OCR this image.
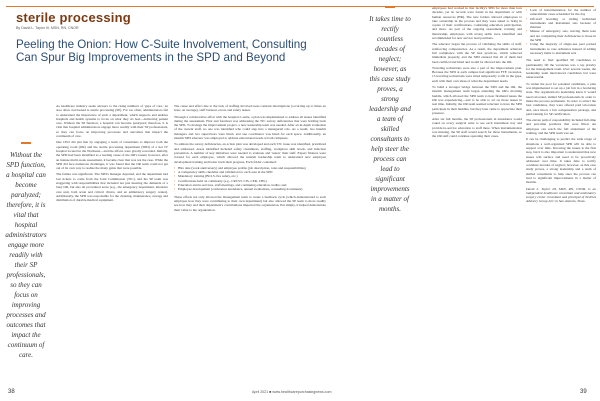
sterile processing
By David L. Taylor III, MSN, RN, CNOR
Peeling the Onion: How C-Suite Involvement, Consulting Can Spur Big Improvements in the SPD and Beyond
Without the SPD function, a hospital can become paralyzed; therefore, it is vital that hospital administrators engage more readily with their SP professionals, so they can focus on improving processes and outcomes that impact the continuum of care.
It takes time to rectify countless decades of neglect; however, as this case study proves, a strong leadership and a team of skilled consultants to help steer the process can lead to significant improvements in a matter of months.

As healthcare industry seeks answers to the rising numbers of 'gaps of care,' an area often overlooked is sterile processing (SP). Far too often, administrators fail to understand the importance of such a department, which supports and enables hospitals and health systems to focus on what they do best—delivering patient care. Without the SP function, a hospital can become paralyzed; therefore, it is vital that hospital administrators engage more readily with their SP professionals, so they can focus on improving processes and outcomes that impact the continuum of care.

One CEO did just that by engaging a team of consultants to improve both the operating room (OR) and the sterile processing department (SPD) of a tier IV hospital located in the Northeast—and the efforts were greatly rewarded. Initially, the SPD had been identified as a leading cause of the OR's issues; however, after an intense multi-week assessment, it became clear that was not the case. While the SPD did face numerous challenges, it was found that the OR team could not get out of its own way to realize the many gains that were possible.

The failure was significant. The SPD's manager departed, and the department had lost tickets to come from the Joint Commission (TJC), and the SP team was staggering with responsibilities that included not just meeting the demands of a busy OR, but also all procedural areas (e.g., the emergency department, intensive care unit, both acute and critical clinics, and an ambulatory surgery center). Additionally, the SPD was responsible for the cleaning, maintenance, storage and distribution of durable medical equipment.

The cause and effect due to the lack of staffing involved near-constant interruptions (occurring up to times an hour, on average), staff burnout, errors and safety issues.

Through a collaborative effort with the hospital C-suite, a plan was implemented to address all issues identified during the assessment. First and foremost was addressing the TJC survey deficiencies that were holding back the SPD. To manage the improvement project, a new leadership team was needed. After an in-depth evaluation of the current staff, no one was identified who could step into a managerial role. As a result, two interim managers and two supervisors were hired, and one coordinator was hired for each space. Additionally, an interim SPD educator was employed to address educational needs at both campuses.

To address the survey deficiencies, an action plan was developed and each TJC issue was identified, prioritized and addressed. Areas identified included safety cleanliness, staffing, workplace skill levels, and infection prevention. A number of key initiatives were needed to evaluate and 'renew' their staff. Expert fixtures were created for each employee, which allowed the interim leadership team to understand new employee development training and better track their progress. Each folder contained:

• Hire date (work anniversary) and employee profile (job description, roles and responsibilities)
• A competency skills checklist and validation for each area in the SPD
• Mandatory training (BCLS, fire safety, etc.)
• Certifications held on commonly (e.g., CRCST, CIS, CER, CHL)
• Education and in-services, staff meetings, and continuing education credits; and
• Employee development (conference attendance, annual evaluations, counseling documents)

These efforts not only allowed the management team to create a feedback cycle (which demonstrated to each employee how they were contributing to their own department) but also allowed the SP team to more readily see how they and their department's contributions impacted the organization. Put simply, it helped demonstrate their value to the organization.

employees had worked in that facility's SPD for more than four decades, yet no records were found in the department or with human resources (HR). The new folders allowed employees to take ownership in the process and they were asked to bring in copies of their certifications, continuing education participation, and more. As part of the ongoing assessment, training and mentorship, employees with strong skills were identified and recommended for new service lead positions.

The educator began the process of validating the skills of staff, reinforcing competencies. As a result, the department achieved full compliance with the SP best practices, which removed immediate jeopardy, and the SPD ensured that all of them had been certified and hired and would be allowed into the OR.

Traveling technicians were also a part of the improvement plan. Because the SPD at each campus had significant FTE vacancies, 15 traveling technicians were hired temporarily to fill in the gaps, each with their own ideas of what the department needs.

To build a stronger bridge between the SPD and the OR, the interim management team began attending the OR's morning huddle, which allowed the SPD team to hear firsthand issues the OR was experiencing—and to be able to act on those issues in real time. Initially, the OR team seemed reluctant to have the SPD participate in their huddles, but they later came to appreciate their presence.

After six full months, the SP professionals in attendance would round on every surgical suite to see each instrument tray and provide in-service education to staff there. When instrumentation was missing, the SP staff would search for those instruments, so the OR staff could continue operating their cases.

• Lack of instrumentation for the number of same/similar cases scheduled for the day
• Off-staff hoarding or hiding individual instruments and instrument sets because of mistrust
• Misuse of emergency sets, leaving them lean and not completing their deficiencies to those in the SPD
• Using the majority of single-use peel packed instruments as case ordinance instead of adding necessary items to instrument sets

The need to find qualified SP candidates to permanently fill the vacancies was a top priority for the management team. Over several weeks, the leadership team interviewed candidates but were unsuccessful.

To widen the pool for potential candidates, a plan was implemented to set up a job fair in a bordering state. The organization's leadership knew it would need relocated, skilled SP professionals in order to make the process permanent. In order to attract the best candidates, they were offered paid relocation and, once hired, a fair compensation package, and paid training for SP certification.

The eleven path of responsibility included full-time and part-time positions that were filled. An employee can reach the full attainment of the training, and the SPD team was set.

It can be challenging to predict the wide range of situations a well-organized SPD will be able to support over time. Knowing the issues is the first step, but it is also important to understand that new issues will surface and need to be proactively addressed over time. It takes time to rectify countless decades of neglect; however, as this case study proves, a strong leadership and a team of skilled consultants to help steer the process can lead to significant improvements in a matter of months.

David L. Taylor III, MSN, RN, CNOR, is an independent healthcare consultant and ambulatory surgery center consultant and principal of Nedrick Advisory Group LLC in San Antonio, Texas.

38	April 2021 ■ www.healthcarepurchasingnews.com	39
